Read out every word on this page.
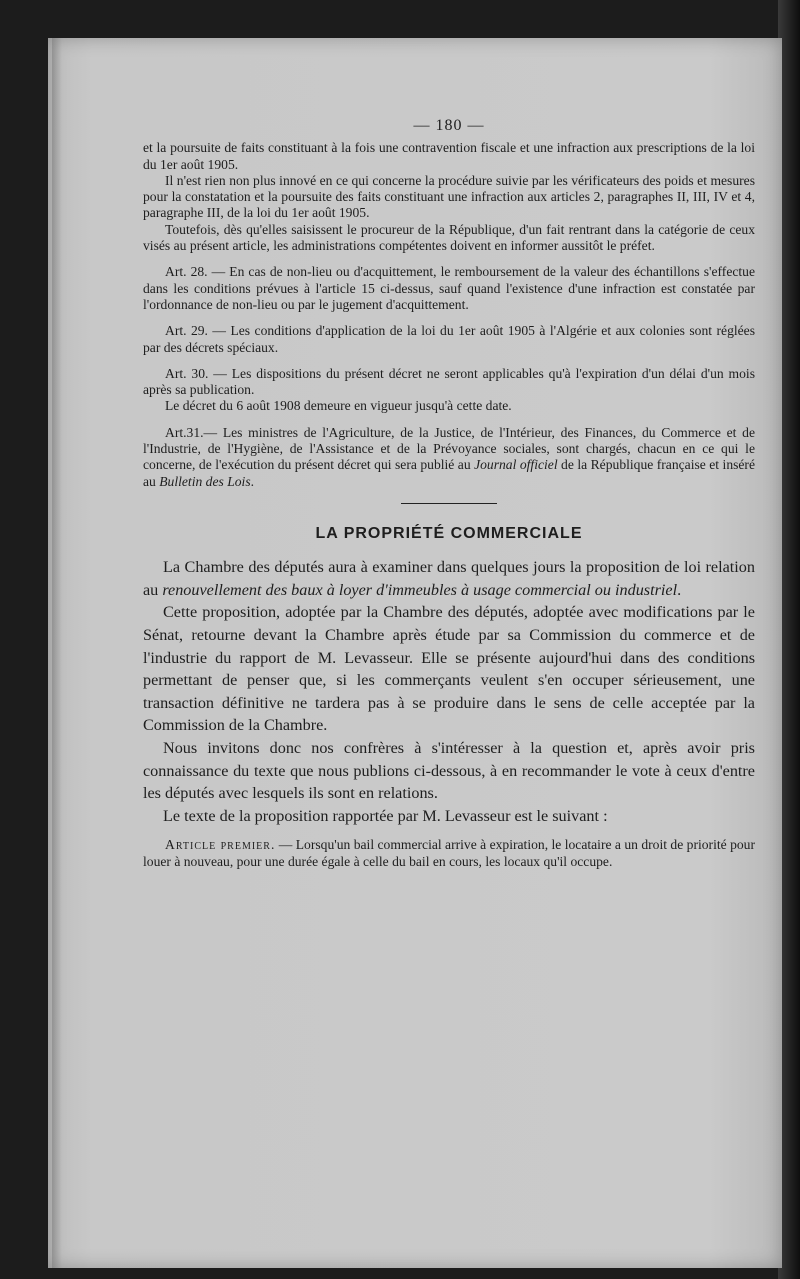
— 180 —

et la poursuite de faits constituant à la fois une contravention fiscale et une infraction aux prescriptions de la loi du 1er août 1905.

Il n'est rien non plus innové en ce qui concerne la procédure suivie par les vérificateurs des poids et mesures pour la constatation et la poursuite des faits constituant une infraction aux articles 2, paragraphes II, III, IV et 4, paragraphe III, de la loi du 1er août 1905.

Toutefois, dès qu'elles saisissent le procureur de la République, d'un fait rentrant dans la catégorie de ceux visés au présent article, les administrations compétentes doivent en informer aussitôt le préfet.

Art. 28. — En cas de non-lieu ou d'acquittement, le remboursement de la valeur des échantillons s'effectue dans les conditions prévues à l'article 15 ci-dessus, sauf quand l'existence d'une infraction est constatée par l'ordonnance de non-lieu ou par le jugement d'acquittement.

Art. 29. — Les conditions d'application de la loi du 1er août 1905 à l'Algérie et aux colonies sont réglées par des décrets spéciaux.

Art. 30. — Les dispositions du présent décret ne seront applicables qu'à l'expiration d'un délai d'un mois après sa publication.

Le décret du 6 août 1908 demeure en vigueur jusqu'à cette date.

Art.31.— Les ministres de l'Agriculture, de la Justice, de l'Intérieur, des Finances, du Commerce et de l'Industrie, de l'Hygiène, de l'Assistance et de la Prévoyance sociales, sont chargés, chacun en ce qui le concerne, de l'exécution du présent décret qui sera publié au Journal officiel de la République française et inséré au Bulletin des Lois.

LA PROPRIÉTÉ COMMERCIALE

La Chambre des députés aura à examiner dans quelques jours la proposition de loi relation au renouvellement des baux à loyer d'immeubles à usage commercial ou industriel.

Cette proposition, adoptée par la Chambre des députés, adoptée avec modifications par le Sénat, retourne devant la Chambre après étude par sa Commission du commerce et de l'industrie du rapport de M. Levasseur. Elle se présente aujourd'hui dans des conditions permettant de penser que, si les commerçants veulent s'en occuper sérieusement, une transaction définitive ne tardera pas à se produire dans le sens de celle acceptée par la Commission de la Chambre.

Nous invitons donc nos confrères à s'intéresser à la question et, après avoir pris connaissance du texte que nous publions ci-dessous, à en recommander le vote à ceux d'entre les députés avec lesquels ils sont en relations.

Le texte de la proposition rapportée par M. Levasseur est le suivant :

Article premier. — Lorsqu'un bail commercial arrive à expiration, le locataire a un droit de priorité pour louer à nouveau, pour une durée égale à celle du bail en cours, les locaux qu'il occupe.
